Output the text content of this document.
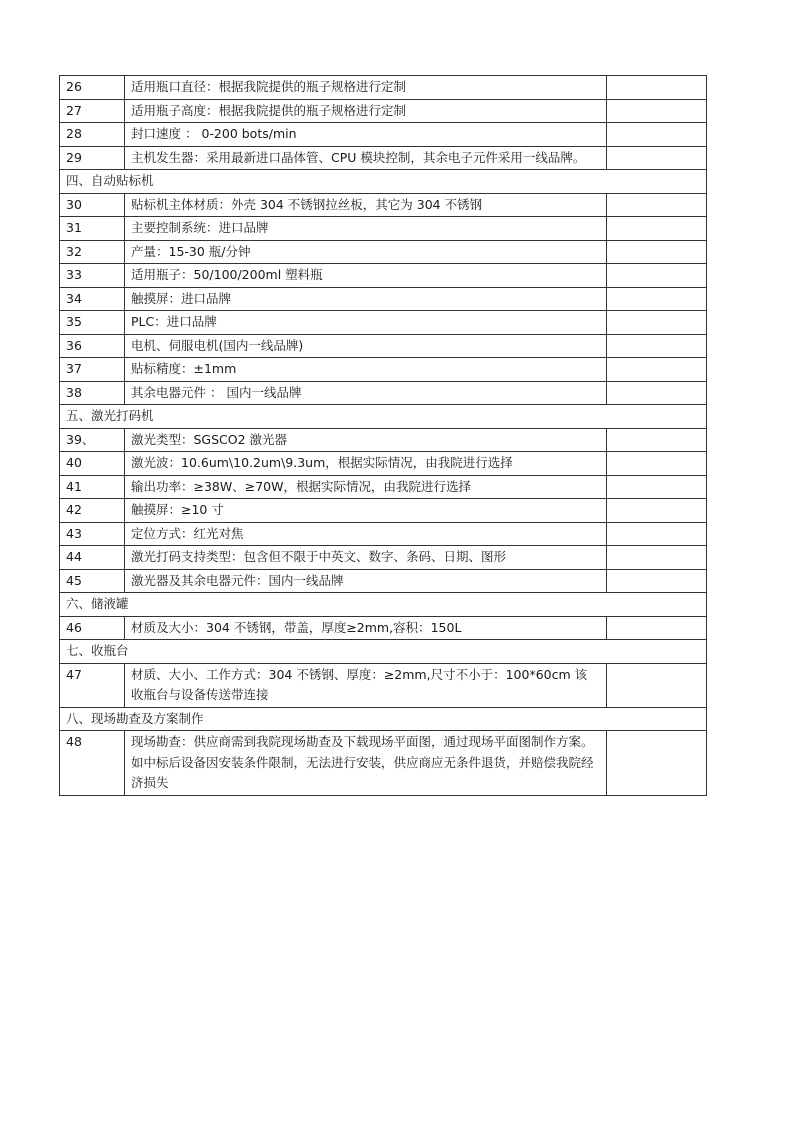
26	适用瓶口直径：根据我院提供的瓶子规格进行定制	
27	适用瓶子高度：根据我院提供的瓶子规格进行定制	
28	封口速度 ： 0-200 bots/min	
29	主机发生器：采用最新进口晶体管、CPU 模块控制，其余电子元件采用一线品牌。	
四、自动贴标机		
30	贴标机主体材质：外壳 304 不锈钢拉丝板，其它为 304 不锈钢	
31	主要控制系统：进口品牌	
32	产量：15-30 瓶/分钟	
33	适用瓶子：50/100/200ml 塑料瓶	
34	触摸屏：进口品牌	
35	PLC：进口品牌	
36	电机、伺服电机(国内一线品牌)	
37	贴标精度：±1mm	
38	其余电器元件 ： 国内一线品牌	
五、激光打码机		
39、	激光类型：SGSCO2 激光器	
40	激光波：10.6um\10.2um\9.3um，根据实际情况，由我院进行选择	
41	输出功率：≥38W、≥70W，根据实际情况，由我院进行选择	
42	触摸屏：≥10 寸	
43	定位方式：红光对焦	
44	激光打码支持类型：包含但不限于中英文、数字、条码、日期、图形	
45	激光器及其余电器元件：国内一线品牌	
六、储液罐		
46	材质及大小：304 不锈钢，带盖，厚度≥2mm,容积：150L	
七、收瓶台		
47	材质、大小、工作方式：304 不锈钢、厚度：≥2mm,尺寸不小于：100*60cm 该 收瓶台与设备传送带连接	
八、现场勘查及方案制作		
48	现场勘查：供应商需到我院现场勘查及下载现场平面图，通过现场平面图制作方案。如中标后设备因安装条件限制，无法进行安装，供应商应无条件退货，并赔偿我院经济损失	
